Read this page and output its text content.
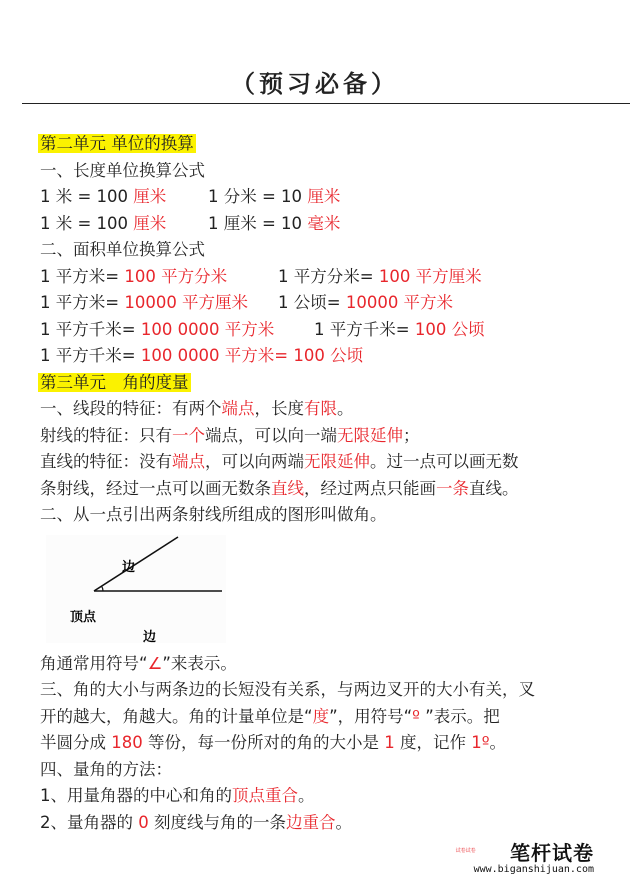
（预习必备）
第二单元 单位的换算
一、长度单位换算公式
1 米 = 100 厘米	1 分米 = 10 厘米
1 米 = 100 厘米	1 厘米 = 10 毫米
二、面积单位换算公式
1 平方米= 100 平方分米	1 平方分米= 100 平方厘米
1 平方米= 10000 平方厘米	1 公顷= 10000 平方米
1 平方千米= 100 0000 平方米	1 平方千米= 100 公顷
1 平方千米= 100 0000 平方米= 100 公顷
第三单元　角的度量
一、线段的特征：有两个端点，长度有限。
射线的特征：只有一个端点，可以向一端无限延伸；
直线的特征：没有端点，可以向两端无限延伸。过一点可以画无数
条射线，经过一点可以画无数条直线，经过两点只能画一条直线。
二、从一点引出两条射线所组成的图形叫做角。
边
顶点
边
角通常用符号“∠”来表示。
三、角的大小与两条边的长短没有关系，与两边叉开的大小有关，叉
开的越大，角越大。角的计量单位是“度”，用符号“º ”表示。把
半圆分成 180 等份，每一份所对的角的大小是 1 度，记作 1º。
四、量角的方法：
1、用量角器的中心和角的顶点重合。
2、量角器的 0 刻度线与角的一条边重合。
试卷试卷	笔杆试卷
www.biganshijuan.com
